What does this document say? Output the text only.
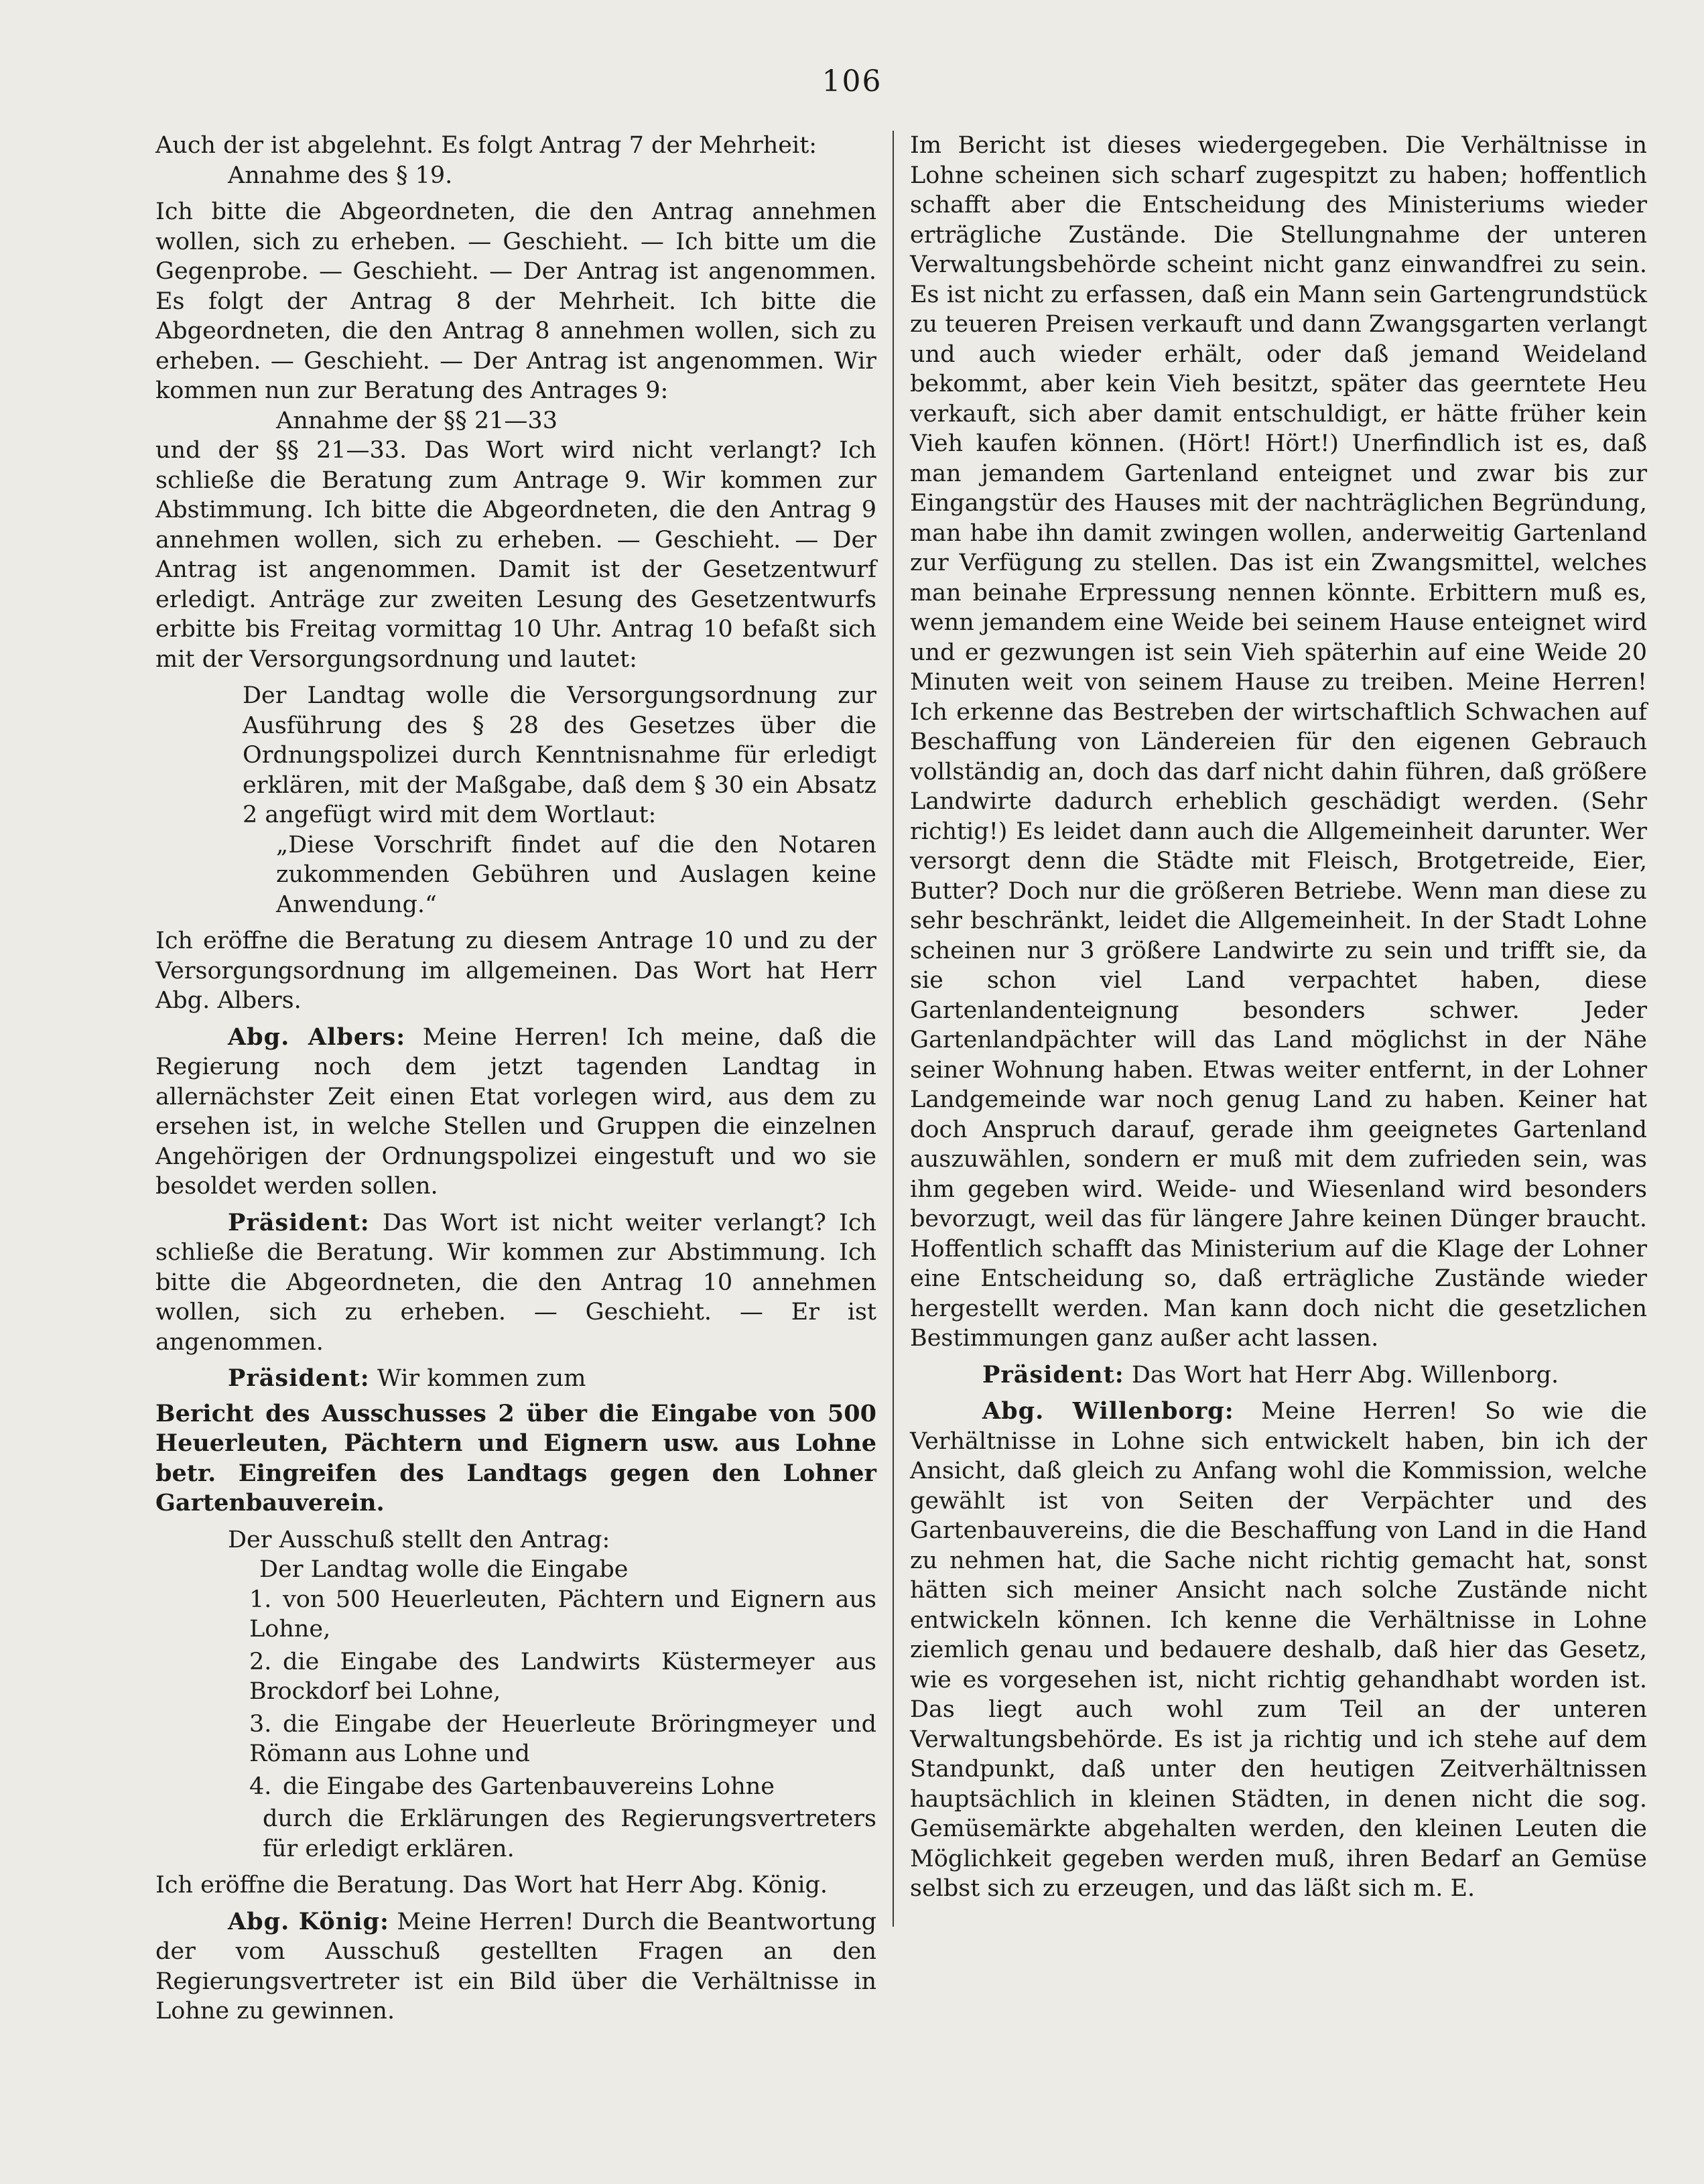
106

Auch der ist abgelehnt. Es folgt Antrag 7 der Mehrheit:

Annahme des § 19.

Ich bitte die Abgeordneten, die den Antrag annehmen wollen, sich zu erheben. — Geschieht. — Ich bitte um die Gegenprobe. — Geschieht. — Der Antrag ist angenommen. Es folgt der Antrag 8 der Mehrheit. Ich bitte die Abgeordneten, die den Antrag 8 annehmen wollen, sich zu erheben. — Geschieht. — Der Antrag ist angenommen. Wir kommen nun zur Beratung des Antrages 9:

Annahme der §§ 21—33

und der §§ 21—33. Das Wort wird nicht verlangt? Ich schließe die Beratung zum Antrage 9. Wir kommen zur Abstimmung. Ich bitte die Abgeordneten, die den Antrag 9 annehmen wollen, sich zu erheben. — Geschieht. — Der Antrag ist angenommen. Damit ist der Gesetzentwurf erledigt. Anträge zur zweiten Lesung des Gesetzentwurfs erbitte bis Freitag vormittag 10 Uhr. Antrag 10 befaßt sich mit der Versorgungsordnung und lautet:

Der Landtag wolle die Versorgungsordnung zur Ausführung des § 28 des Gesetzes über die Ordnungspolizei durch Kenntnisnahme für erledigt erklären, mit der Maßgabe, daß dem § 30 ein Absatz 2 angefügt wird mit dem Wortlaut:

„Diese Vorschrift findet auf die den Notaren zukommenden Gebühren und Auslagen keine Anwendung.“

Ich eröffne die Beratung zu diesem Antrage 10 und zu der Versorgungsordnung im allgemeinen. Das Wort hat Herr Abg. Albers.

Abg. Albers: Meine Herren! Ich meine, daß die Regierung noch dem jetzt tagenden Landtag in allernächster Zeit einen Etat vorlegen wird, aus dem zu ersehen ist, in welche Stellen und Gruppen die einzelnen Angehörigen der Ordnungspolizei eingestuft und wo sie besoldet werden sollen.

Präsident: Das Wort ist nicht weiter verlangt? Ich schließe die Beratung. Wir kommen zur Abstimmung. Ich bitte die Abgeordneten, die den Antrag 10 annehmen wollen, sich zu erheben. — Geschieht. — Er ist angenommen.

Präsident: Wir kommen zum

Bericht des Ausschusses 2 über die Eingabe von 500 Heuerleuten, Pächtern und Eignern usw. aus Lohne betr. Eingreifen des Landtags gegen den Lohner Gartenbauverein.

Der Ausschuß stellt den Antrag:

Der Landtag wolle die Eingabe

1. von 500 Heuerleuten, Pächtern und Eignern aus Lohne,
2. die Eingabe des Landwirts Küstermeyer aus Brockdorf bei Lohne,
3. die Eingabe der Heuerleute Bröringmeyer und Römann aus Lohne und
4. die Eingabe des Gartenbauvereins Lohne

durch die Erklärungen des Regierungsvertreters für erledigt erklären.

Ich eröffne die Beratung. Das Wort hat Herr Abg. König.

Abg. König: Meine Herren! Durch die Beantwortung der vom Ausschuß gestellten Fragen an den Regierungsvertreter ist ein Bild über die Verhältnisse in Lohne zu gewinnen.

Im Bericht ist dieses wiedergegeben. Die Verhältnisse in Lohne scheinen sich scharf zugespitzt zu haben; hoffentlich schafft aber die Entscheidung des Ministeriums wieder erträgliche Zustände. Die Stellungnahme der unteren Verwaltungsbehörde scheint nicht ganz einwandfrei zu sein. Es ist nicht zu erfassen, daß ein Mann sein Gartengrundstück zu teueren Preisen verkauft und dann Zwangsgarten verlangt und auch wieder erhält, oder daß jemand Weideland bekommt, aber kein Vieh besitzt, später das geerntete Heu verkauft, sich aber damit entschuldigt, er hätte früher kein Vieh kaufen können. (Hört! Hört!) Unerfindlich ist es, daß man jemandem Gartenland enteignet und zwar bis zur Eingangstür des Hauses mit der nachträglichen Begründung, man habe ihn damit zwingen wollen, anderweitig Gartenland zur Verfügung zu stellen. Das ist ein Zwangsmittel, welches man beinahe Erpressung nennen könnte. Erbittern muß es, wenn jemandem eine Weide bei seinem Hause enteignet wird und er gezwungen ist sein Vieh späterhin auf eine Weide 20 Minuten weit von seinem Hause zu treiben. Meine Herren! Ich erkenne das Bestreben der wirtschaftlich Schwachen auf Beschaffung von Ländereien für den eigenen Gebrauch vollständig an, doch das darf nicht dahin führen, daß größere Landwirte dadurch erheblich geschädigt werden. (Sehr richtig!) Es leidet dann auch die Allgemeinheit darunter. Wer versorgt denn die Städte mit Fleisch, Brotgetreide, Eier, Butter? Doch nur die größeren Betriebe. Wenn man diese zu sehr beschränkt, leidet die Allgemeinheit. In der Stadt Lohne scheinen nur 3 größere Landwirte zu sein und trifft sie, da sie schon viel Land verpachtet haben, diese Gartenlandenteignung besonders schwer. Jeder Gartenlandpächter will das Land möglichst in der Nähe seiner Wohnung haben. Etwas weiter entfernt, in der Lohner Landgemeinde war noch genug Land zu haben. Keiner hat doch Anspruch darauf, gerade ihm geeignetes Gartenland auszuwählen, sondern er muß mit dem zufrieden sein, was ihm gegeben wird. Weide- und Wiesenland wird besonders bevorzugt, weil das für längere Jahre keinen Dünger braucht. Hoffentlich schafft das Ministerium auf die Klage der Lohner eine Entscheidung so, daß erträgliche Zustände wieder hergestellt werden. Man kann doch nicht die gesetzlichen Bestimmungen ganz außer acht lassen.

Präsident: Das Wort hat Herr Abg. Willenborg.

Abg. Willenborg: Meine Herren! So wie die Verhältnisse in Lohne sich entwickelt haben, bin ich der Ansicht, daß gleich zu Anfang wohl die Kommission, welche gewählt ist von Seiten der Verpächter und des Gartenbauvereins, die die Beschaffung von Land in die Hand zu nehmen hat, die Sache nicht richtig gemacht hat, sonst hätten sich meiner Ansicht nach solche Zustände nicht entwickeln können. Ich kenne die Verhältnisse in Lohne ziemlich genau und bedauere deshalb, daß hier das Gesetz, wie es vorgesehen ist, nicht richtig gehandhabt worden ist. Das liegt auch wohl zum Teil an der unteren Verwaltungsbehörde. Es ist ja richtig und ich stehe auf dem Standpunkt, daß unter den heutigen Zeitverhältnissen hauptsächlich in kleinen Städten, in denen nicht die sog. Gemüsemärkte abgehalten werden, den kleinen Leuten die Möglichkeit gegeben werden muß, ihren Bedarf an Gemüse selbst sich zu erzeugen, und das läßt sich m. E.
